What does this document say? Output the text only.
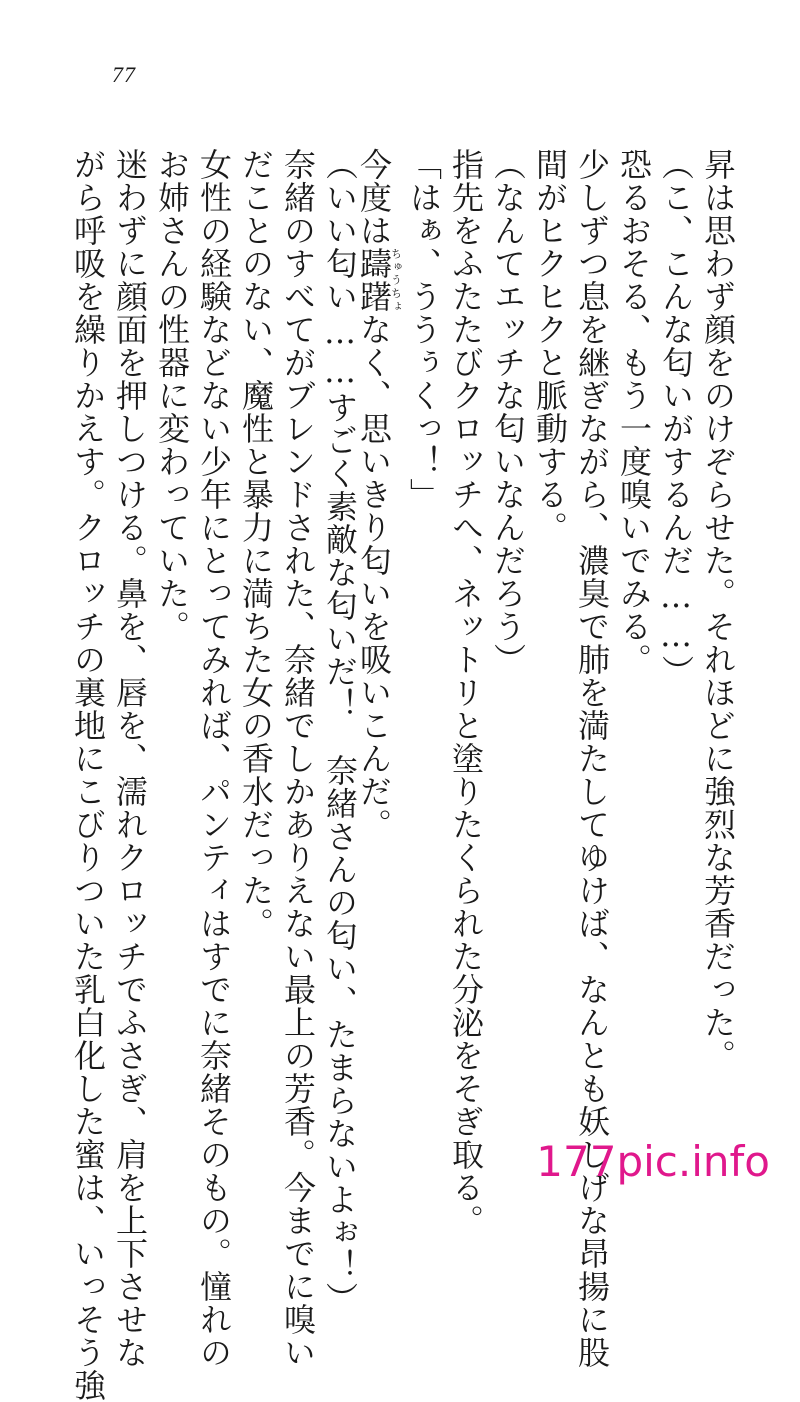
77
昇は思わず顔をのけぞらせた。それほどに強烈な芳香だった。
（こ、こんな匂いがするんだ……）
恐るおそる、もう一度嗅いでみる。
少しずつ息を継ぎながら、濃臭で肺を満たしてゆけば、なんとも妖しげな昂揚に股
間がヒクヒクと脈動する。
（なんてエッチな匂いなんだろう）
指先をふたたびクロッチへ、ネットリと塗りたくられた分泌をそぎ取る。
「はぁ、ううぅくっ！」
今度は躊躇ちゅうちょなく、思いきり匂いを吸いこんだ。
（いい匂い……すごく素敵な匂いだ！　奈緒さんの匂い、たまらないよぉ！）
奈緒のすべてがブレンドされた、奈緒でしかありえない最上の芳香。今までに嗅い
だことのない、魔性と暴力に満ちた女の香水だった。
女性の経験などない少年にとってみれば、パンティはすでに奈緒そのもの。憧れの
お姉さんの性器に変わっていた。
迷わずに顔面を押しつける。鼻を、唇を、濡れクロッチでふさぎ、肩を上下させな
がら呼吸を繰りかえす。クロッチの裏地にこびりついた乳白化した蜜は、いっそう強	177pic.info
